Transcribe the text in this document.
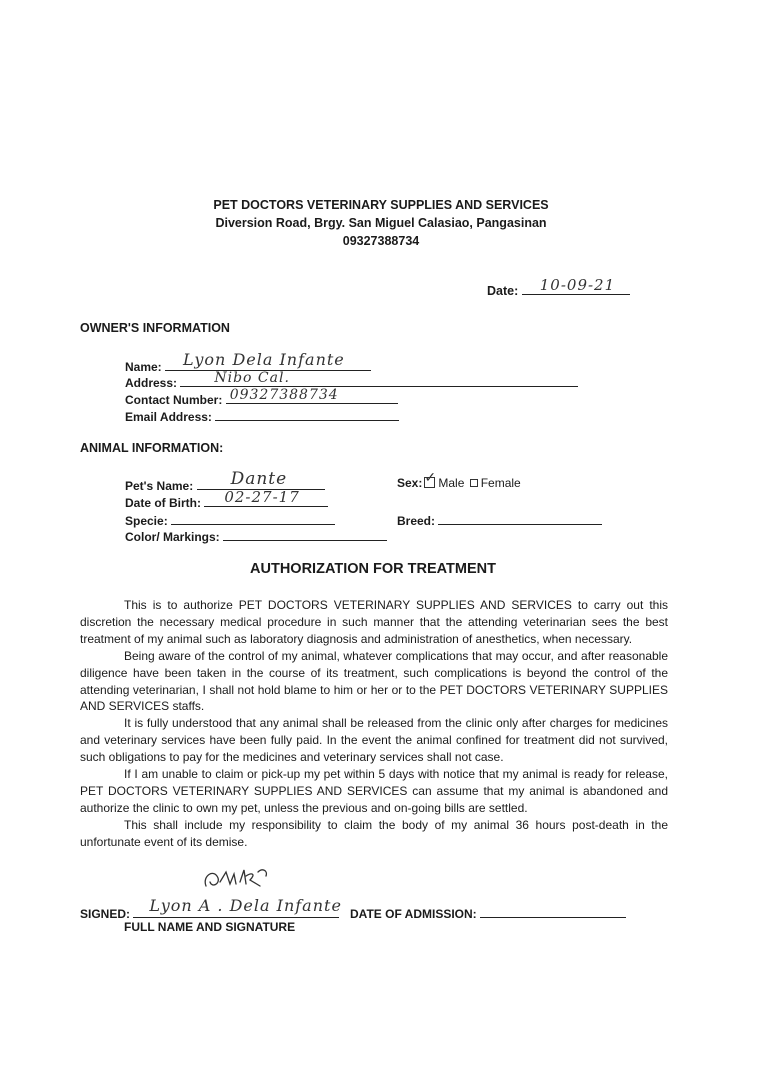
PET DOCTORS VETERINARY SUPPLIES AND SERVICES
Diversion Road, Brgy. San Miguel Calasiao, Pangasinan
09327388734
Date: 10-09-21
OWNER'S INFORMATION
Name: Lyon Dela Infante
Address:	Nibo Cal.
Contact Number: 09327388734
Email Address:
ANIMAL INFORMATION:
Pet's Name: Dante
Date of Birth: 02-27-17
Specie:
Color/ Markings:
Sex: ✓ Male Female
Breed:
AUTHORIZATION FOR TREATMENT

This is to authorize PET DOCTORS VETERINARY SUPPLIES AND SERVICES to carry out this discretion the necessary medical procedure in such manner that the attending veterinarian sees the best treatment of my animal such as laboratory diagnosis and administration of anesthetics, when necessary.

Being aware of the control of my animal, whatever complications that may occur, and after reasonable diligence have been taken in the course of its treatment, such complications is beyond the control of the attending veterinarian, I shall not hold blame to him or her or to the PET DOCTORS VETERINARY SUPPLIES AND SERVICES staffs.

It is fully understood that any animal shall be released from the clinic only after charges for medicines and veterinary services have been fully paid. In the event the animal confined for treatment did not survived, such obligations to pay for the medicines and veterinary services shall not case.

If I am unable to claim or pick-up my pet within 5 days with notice that my animal is ready for release, PET DOCTORS VETERINARY SUPPLIES AND SERVICES can assume that my animal is abandoned and authorize the clinic to own my pet, unless the previous and on-going bills are settled.

This shall include my responsibility to claim the body of my animal 36 hours post-death in the unfortunate event of its demise.

SIGNED: Lyon A . Dela Infante
FULL NAME AND SIGNATURE
DATE OF ADMISSION:
